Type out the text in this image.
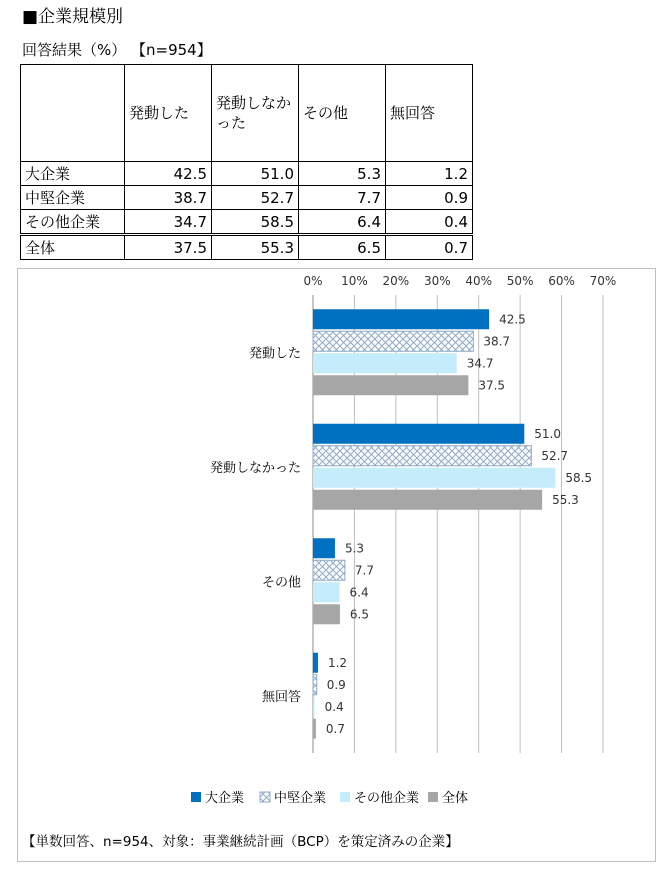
■企業規模別
回答結果（%） 【n=954】
	発動した	発動しなかった	その他	無回答
大企業	42.5	51.0	5.3	1.2
中堅企業	38.7	52.7	7.7	0.9
その他企業	34.7	58.5	6.4	0.4
全体	37.5	55.3	6.5	0.7
0% 10% 20% 30% 40% 50% 60% 70%
発動した
42.5
38.7
34.7
37.5
発動しなかった
51.0
52.7
58.5
55.3
その他
5.3
7.7
6.4
6.5
無回答
1.2
0.9
0.4
0.7
大企業 中堅企業 その他企業 全体
【単数回答、n=954、対象：事業継続計画（BCP）を策定済みの企業】
